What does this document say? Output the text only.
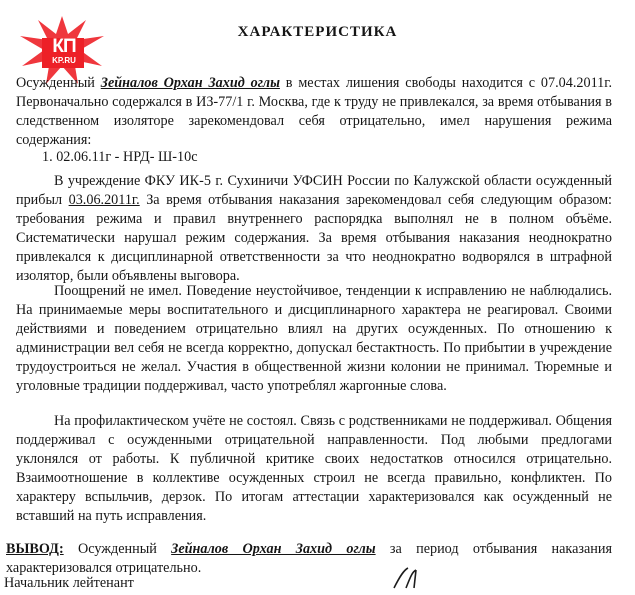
КП
KP.RU
ХАРАКТЕРИСТИКА
Осужденный Зейналов Орхан Захид оглы в местах лишения свободы находится с 07.04.2011г. Первоначально содержался в ИЗ-77/1 г. Москва, где к труду не привлекался, за время отбывания в следственном изоляторе зарекомендовал себя отрицательно, имел нарушения режима содержания:
1. 02.06.11г - НРД- Ш-10с
В учреждение ФКУ ИК-5 г. Сухиничи УФСИН России по Калужской области осужденный прибыл 03.06.2011г. За время отбывания наказания зарекомендовал себя следующим образом: требования режима и правил внутреннего распорядка выполнял не в полном объёме. Систематически нарушал режим содержания. За время отбывания наказания неоднократно привлекался к дисциплинарной ответственности за что неоднократно водворялся в штрафной изолятор, были объявлены выговора.
Поощрений не имел. Поведение неустойчивое, тенденции к исправлению не наблюдались. На принимаемые меры воспитательного и дисциплинарного характера не реагировал. Своими действиями и поведением отрицательно влиял на других осужденных. По отношению к администрации вел себя не всегда корректно, допускал бестактность. По прибытии в учреждение трудоустроиться не желал. Участия в общественной жизни колонии не принимал. Тюремные и уголовные традиции поддерживал, часто употреблял жаргонные слова.
На профилактическом учёте не состоял. Связь с родственниками не поддерживал. Общения поддерживал с осужденными отрицательной направленности. Под любыми предлогами уклонялся от работы. К публичной критике своих недостатков относился отрицательно. Взаимоотношение в коллективе осужденных строил не всегда правильно, конфликтен. По характеру вспыльчив, дерзок. По итогам аттестации характеризовался как осужденный не вставший на путь исправления.
ВЫВОД: Осужденный Зейналов Орхан Захид оглы за период отбывания наказания характеризовался отрицательно.
Начальник лейтенант
